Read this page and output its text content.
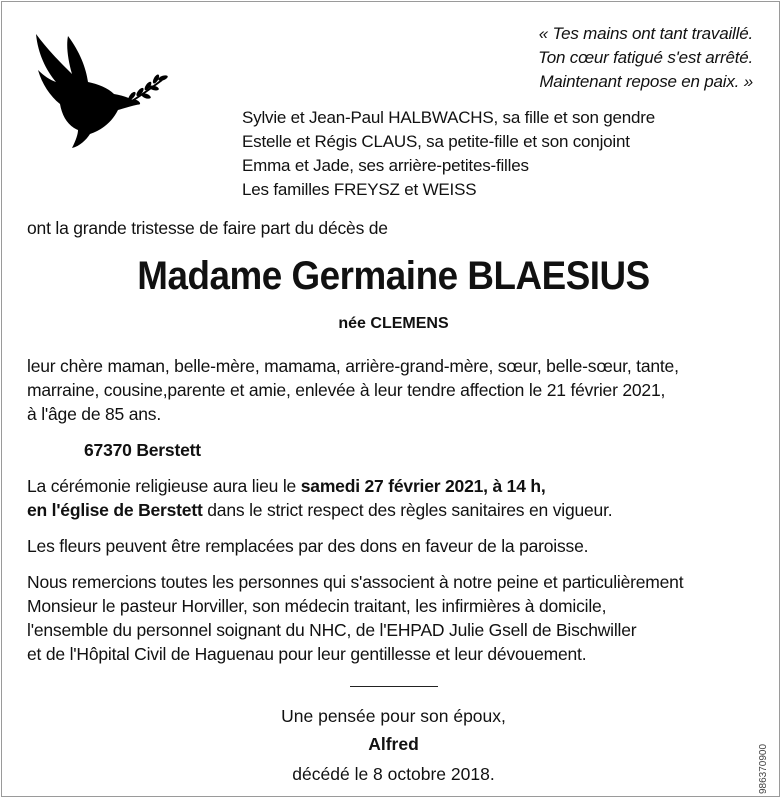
« Tes mains ont tant travaillé.
Ton cœur fatigué s'est arrêté.
Maintenant repose en paix. »
Sylvie et Jean-Paul HALBWACHS, sa fille et son gendre
Estelle et Régis CLAUS, sa petite-fille et son conjoint
Emma et Jade, ses arrière-petites-filles
Les familles FREYSZ et WEISS
ont la grande tristesse de faire part du décès de
Madame Germaine BLAESIUS
née CLEMENS
leur chère maman, belle-mère, mamama, arrière-grand-mère, sœur, belle-sœur, tante,
marraine, cousine,parente et amie, enlevée à leur tendre affection le 21 février 2021,
à l'âge de 85 ans.
67370 Berstett
La cérémonie religieuse aura lieu le samedi 27 février 2021, à 14 h,
en l'église de Berstett dans le strict respect des règles sanitaires en vigueur.
Les fleurs peuvent être remplacées par des dons en faveur de la paroisse.
Nous remercions toutes les personnes qui s'associent à notre peine et particulièrement
Monsieur le pasteur Horviller, son médecin traitant, les infirmières à domicile,
l'ensemble du personnel soignant du NHC, de l'EHPAD Julie Gsell de Bischwiller
et de l'Hôpital Civil de Haguenau pour leur gentillesse et leur dévouement.
Une pensée pour son époux,
Alfred
décédé le 8 octobre 2018.	986370900
